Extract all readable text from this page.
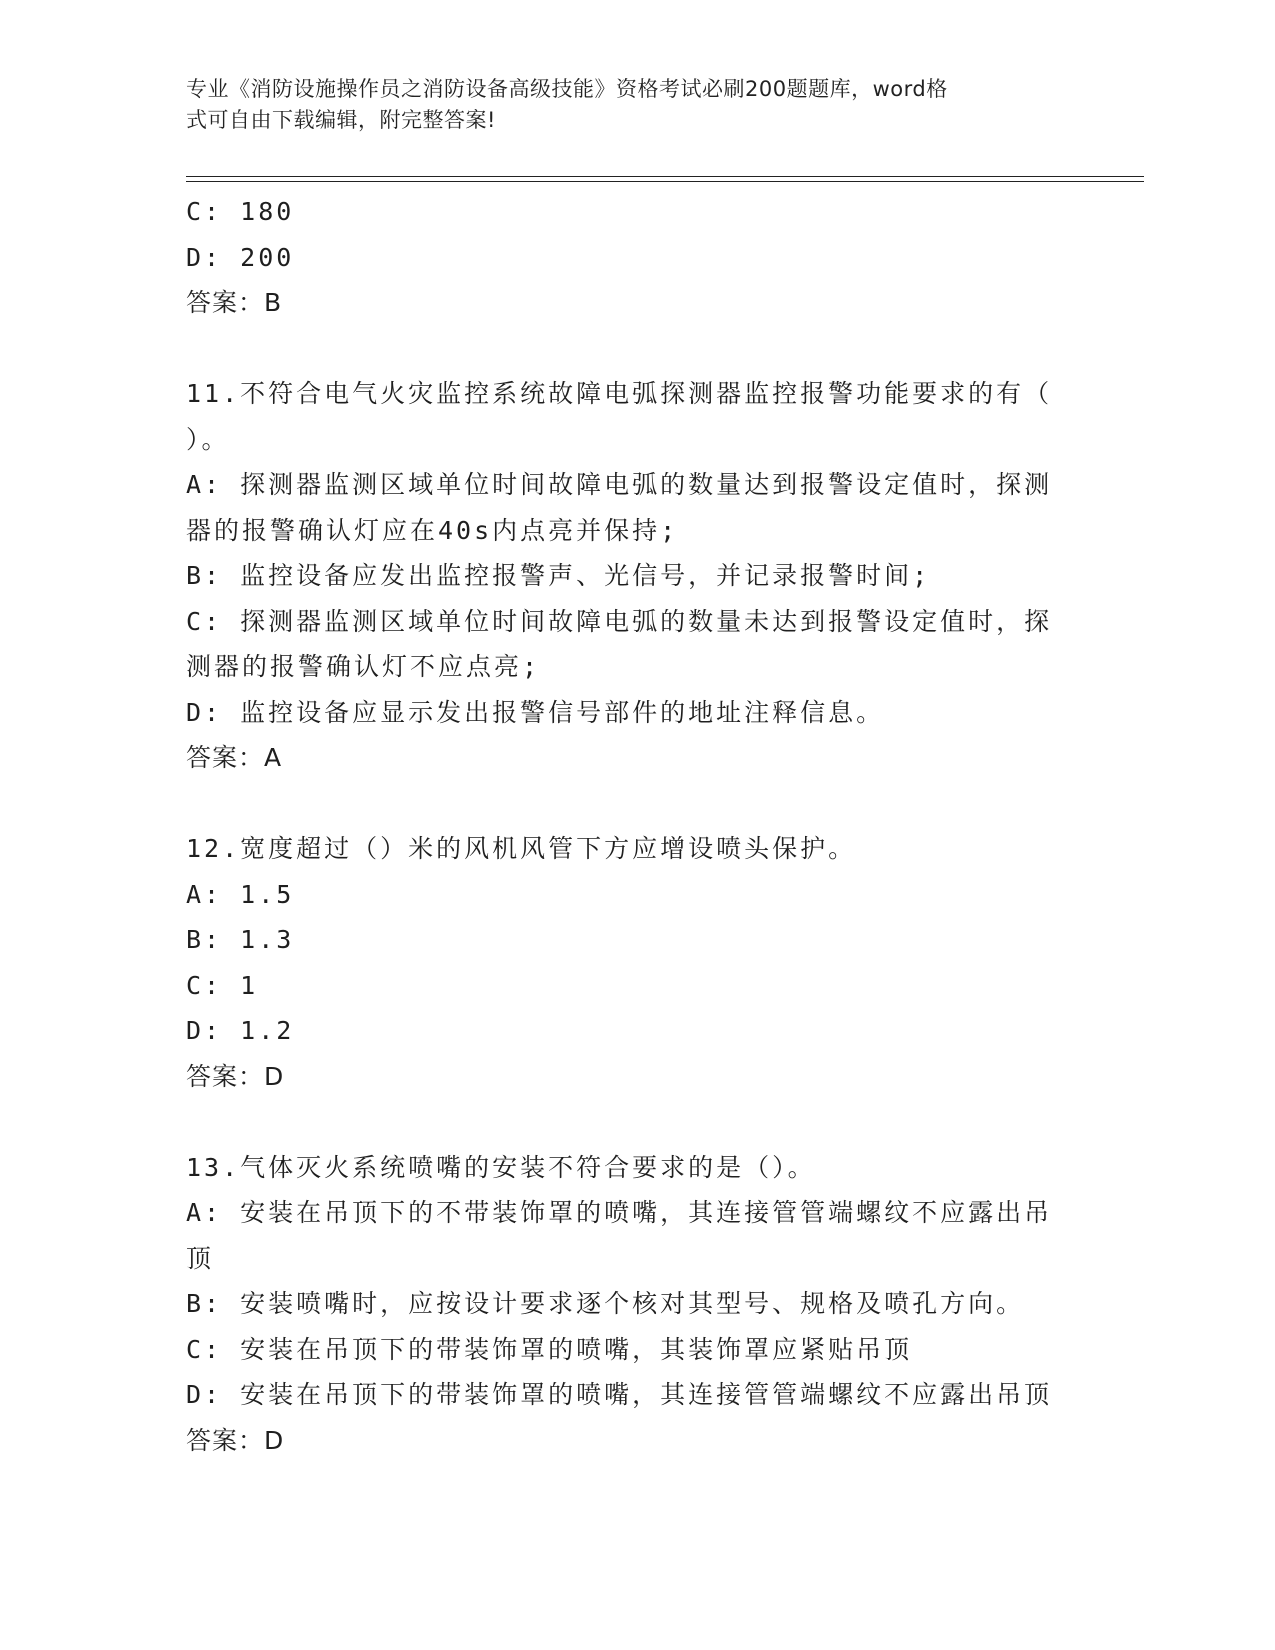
专业《消防设施操作员之消防设备高级技能》资格考试必刷200题题库，word格
式可自由下载编辑，附完整答案!
C: 180
D: 200
答案：B
11.不符合电气火灾监控系统故障电弧探测器监控报警功能要求的有（
）。
A: 探测器监测区域单位时间故障电弧的数量达到报警设定值时，探测
器的报警确认灯应在40s内点亮并保持;
B: 监控设备应发出监控报警声、光信号，并记录报警时间;
C: 探测器监测区域单位时间故障电弧的数量未达到报警设定值时，探
测器的报警确认灯不应点亮;
D: 监控设备应显示发出报警信号部件的地址注释信息。
答案：A
12.宽度超过（）米的风机风管下方应增设喷头保护。
A: 1.5
B: 1.3
C: 1
D: 1.2
答案：D
13.气体灭火系统喷嘴的安装不符合要求的是（）。
A: 安装在吊顶下的不带装饰罩的喷嘴，其连接管管端螺纹不应露出吊
顶
B: 安装喷嘴时，应按设计要求逐个核对其型号、规格及喷孔方向。
C: 安装在吊顶下的带装饰罩的喷嘴，其装饰罩应紧贴吊顶
D: 安装在吊顶下的带装饰罩的喷嘴，其连接管管端螺纹不应露出吊顶
答案：D
